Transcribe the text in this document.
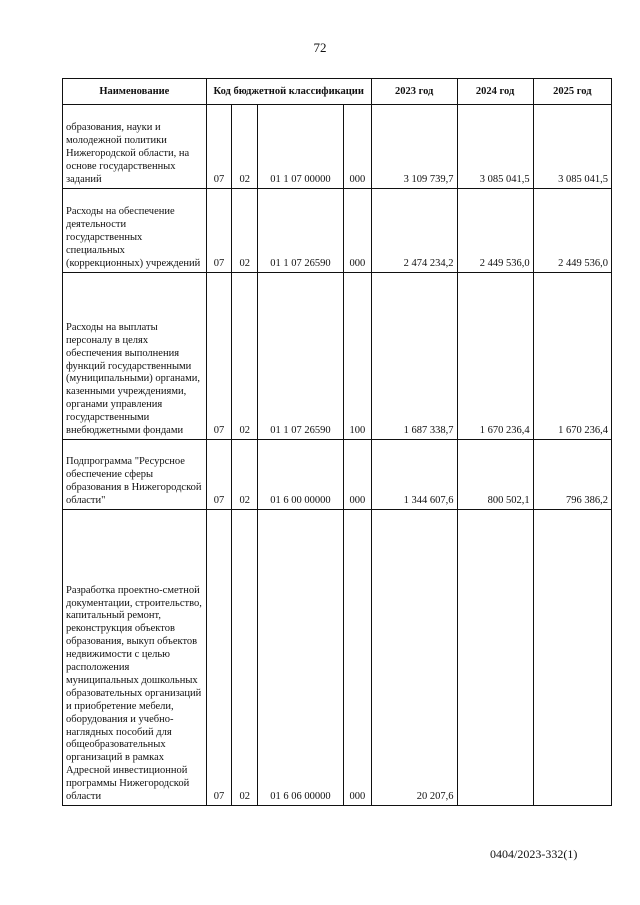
72
Наименование	Код бюджетной классификации				2023 год	2024 год	2025 год
образования, науки и молодежной политики Нижегородской области, на основе государственных заданий	07	02	01 1 07 00000	000	3 109 739,7	3 085 041,5	3 085 041,5
Расходы на обеспечение деятельности государственных специальных (коррекционных) учреждений	07	02	01 1 07 26590	000	2 474 234,2	2 449 536,0	2 449 536,0
Расходы на выплаты персоналу в целях обеспечения выполнения функций государственными (муниципальными) органами, казенными учреждениями, органами управления государственными внебюджетными фондами	07	02	01 1 07 26590	100	1 687 338,7	1 670 236,4	1 670 236,4
Подпрограмма "Ресурсное обеспечение сферы образования в Нижегородской области"	07	02	01 6 00 00000	000	1 344 607,6	800 502,1	796 386,2
Разработка проектно-сметной документации, строительство, капитальный ремонт, реконструкция объектов образования, выкуп объектов недвижимости с целью расположения муниципальных дошкольных образовательных организаций и приобретение мебели, оборудования и учебно-наглядных пособий для общеобразовательных организаций в рамках Адресной инвестиционной программы Нижегородской области	07	02	01 6 06 00000	000	20 207,6		
0404/2023-332(1)
